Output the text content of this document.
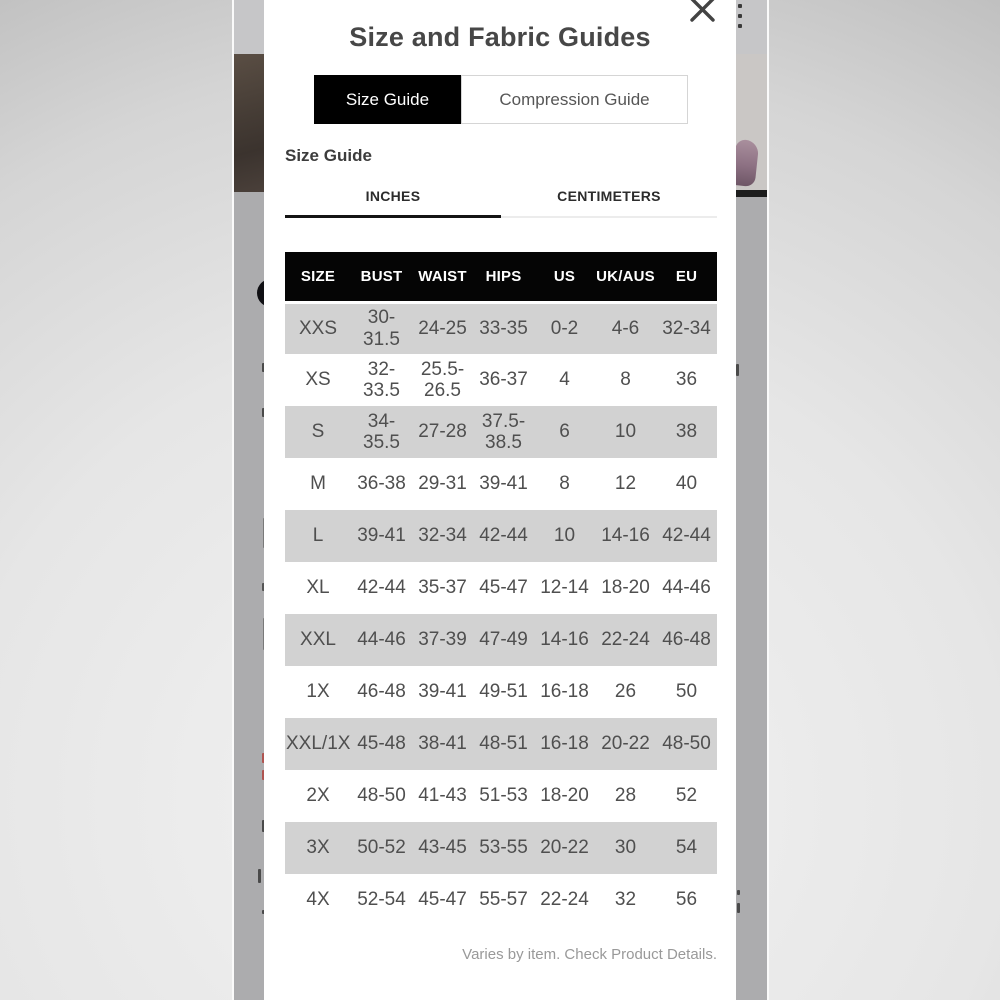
Size and Fabric Guides
Size Guide	Compression Guide
Size Guide
INCHES	CENTIMETERS
SIZE	BUST	WAIST	HIPS	US	UK/AUS	EU
XXS	30-31.5	24-25	33-35	0-2	4-6	32-34
XS	32-33.5	25.5-26.5	36-37	4	8	36
S	34-35.5	27-28	37.5-38.5	6	10	38
M	36-38	29-31	39-41	8	12	40
L	39-41	32-34	42-44	10	14-16	42-44
XL	42-44	35-37	45-47	12-14	18-20	44-46
XXL	44-46	37-39	47-49	14-16	22-24	46-48
1X	46-48	39-41	49-51	16-18	26	50
XXL/1X	45-48	38-41	48-51	16-18	20-22	48-50
2X	48-50	41-43	51-53	18-20	28	52
3X	50-52	43-45	53-55	20-22	30	54
4X	52-54	45-47	55-57	22-24	32	56
Varies by item. Check Product Details.
